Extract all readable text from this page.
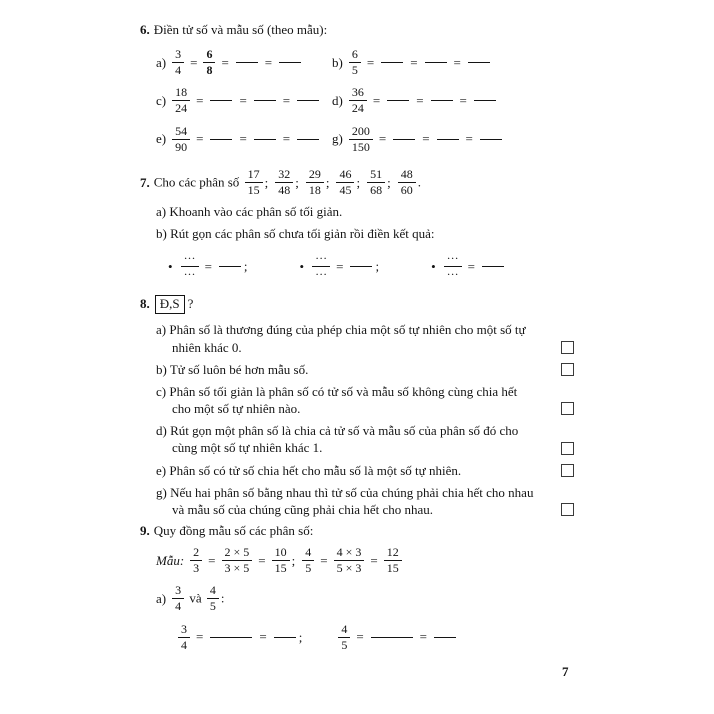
6. Điền tử số và mẫu số (theo mẫu):
$a) \frac{3}{4} = \frac{6}{8}$ =	=	$b) \frac{6}{5}$ =	=	=
$c) \frac{18}{24}$ =	=	=	$d) \frac{36}{24}$ =	=	=
$e) \frac{54}{90}$ =	=	=	$g) \frac{200}{150}$ =	=	=
7. Cho các phân số $\frac{17}{15}$ ; $\frac{32}{48}$ ; $\frac{29}{18}$ ; $\frac{46}{45}$ ; $\frac{51}{68}$ ; $\frac{48}{60}$ .
a) Khoanh vào các phân số tối giản.
b) Rút gọn các phân số chưa tối giản rồi điền kết quả:
• $\frac{\cdot\cdot\cdot}{\cdot\cdot\cdot}$ = ;	• $\frac{\cdot\cdot\cdot}{\cdot\cdot\cdot}$ = ;	• $\frac{\cdot\cdot\cdot}{\cdot\cdot\cdot}$ =
8. Đ,S ?
a) Phân số là thương đúng của phép chia một số tự nhiên cho một số tự nhiên khác 0.
b) Tử số luôn bé hơn mẫu số.
c) Phân số tối giản là phân số có tử số và mẫu số không cùng chia hết cho một số tự nhiên nào.
d) Rút gọn một phân số là chia cả tử số và mẫu số của phân số đó cho cùng một số tự nhiên khác 1.
e) Phân số có tử số chia hết cho mẫu số là một số tự nhiên.
g) Nếu hai phân số bằng nhau thì tử số của chúng phải chia hết cho nhau và mẫu số của chúng cũng phải chia hết cho nhau.
9. Quy đồng mẫu số các phân số:
Mẫu: $\frac{2}{3} = \frac{2 \times 5}{3 \times 5} = \frac{10}{15}$ ; $\frac{4}{5} = \frac{4 \times 3}{5 \times 3} = \frac{12}{15}$
$a) \frac{3}{4}$ và $\frac{4}{5}$ :
$\frac{3}{4}$ =	= ;	$\frac{4}{5}$ =	=
7
